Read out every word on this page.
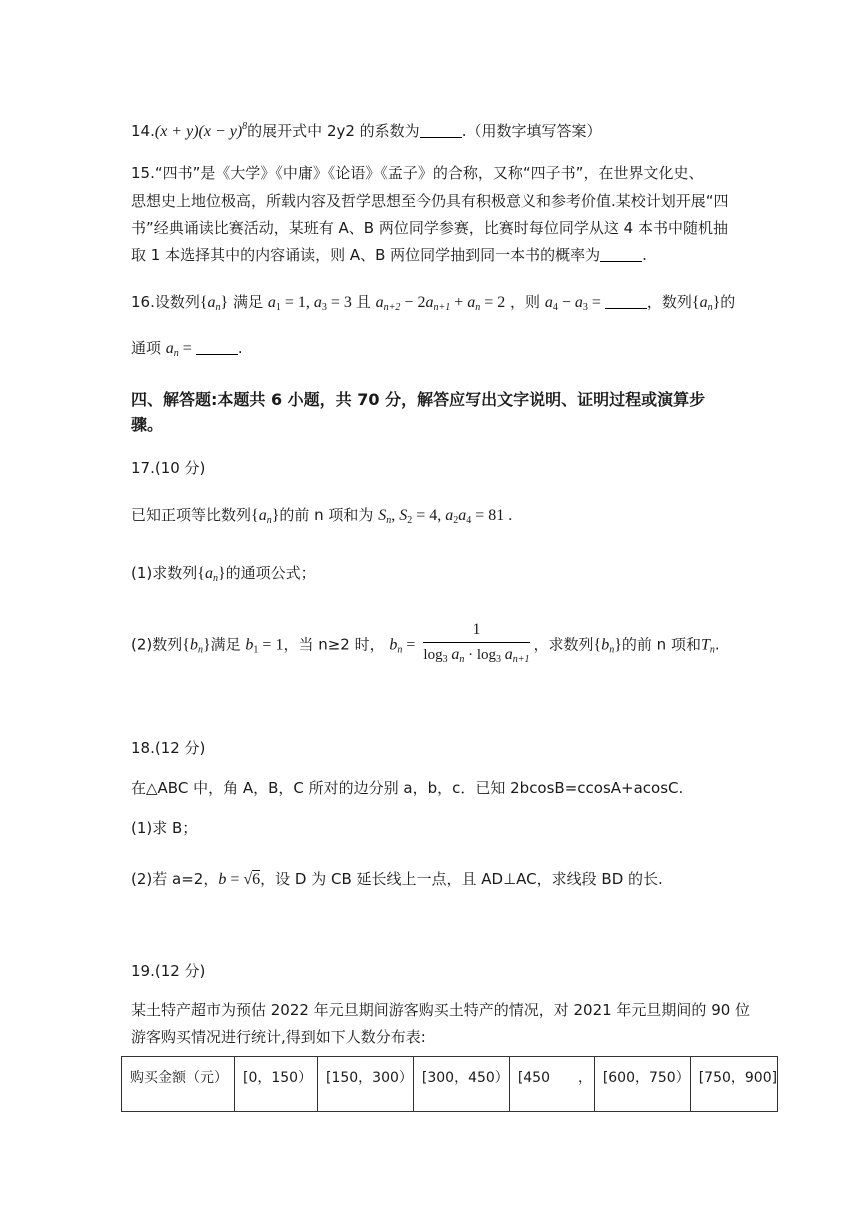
$14.(x + y)(x - y)^8$的展开式中 2y2 的系数为	.（用数字填写答案）
15.“四书”是《大学》《中庸》《论语》《孟子》的合称，又称“四子书”，在世界文化史、
思想史上地位极高，所载内容及哲学思想至今仍具有积极意义和参考价值.某校计划开展“四
书”经典诵读比赛活动，某班有 A、B 两位同学参赛，比赛时每位同学从这 4 本书中随机抽
取 1 本选择其中的内容诵读，则 A、B 两位同学抽到同一本书的概率为	.
16.设数列$\{a_n\}$ 满足 $a_1 = 1$, $a_3 = 3$ 且 $a_{n+2} - 2a_{n+1} + a_n = 2$ ，则 $a_4 - a_3$ =	，数列$\{a_n\}$的
通项 $a_n$ =	.
四、解答题:本题共 6 小题，共 70 分，解答应写出文字说明、证明过程或演算步
骤。
17.(10 分)
已知正项等比数列$\{a_n\}$的前 n 项和为 $S_n$, $S_2 = 4$, $a_2a_4 = 81$ .
(1)求数列$\{a_n\}$的通项公式；
(2)数列$\{b_n\}$满足 $b_1 = 1$，当 n≥2 时， $b_n = \frac{1}{\log_3 a_n \cdot \log_3 a_{n+1}}$ ，求数列$\{b_n\}$的前 n 项和$T_n$.
18.(12 分)
在△ABC 中，角 A，B，C 所对的边分别 a，b，c．已知 2bcosB=ccosA+acosC.
(1)求 B；
(2)若 a=2，b = √6，设 D 为 CB 延长线上一点，且 AD⊥AC，求线段 BD 的长.
19.(12 分)
某土特产超市为预估 2022 年元旦期间游客购买土特产的情况，对 2021 年元旦期间的 90 位
游客购买情况进行统计,得到如下人数分布表:
购买金额（元）	[0，150）	[150，300）	[300，450）	[450　　，	[600，750）	[750，900]
